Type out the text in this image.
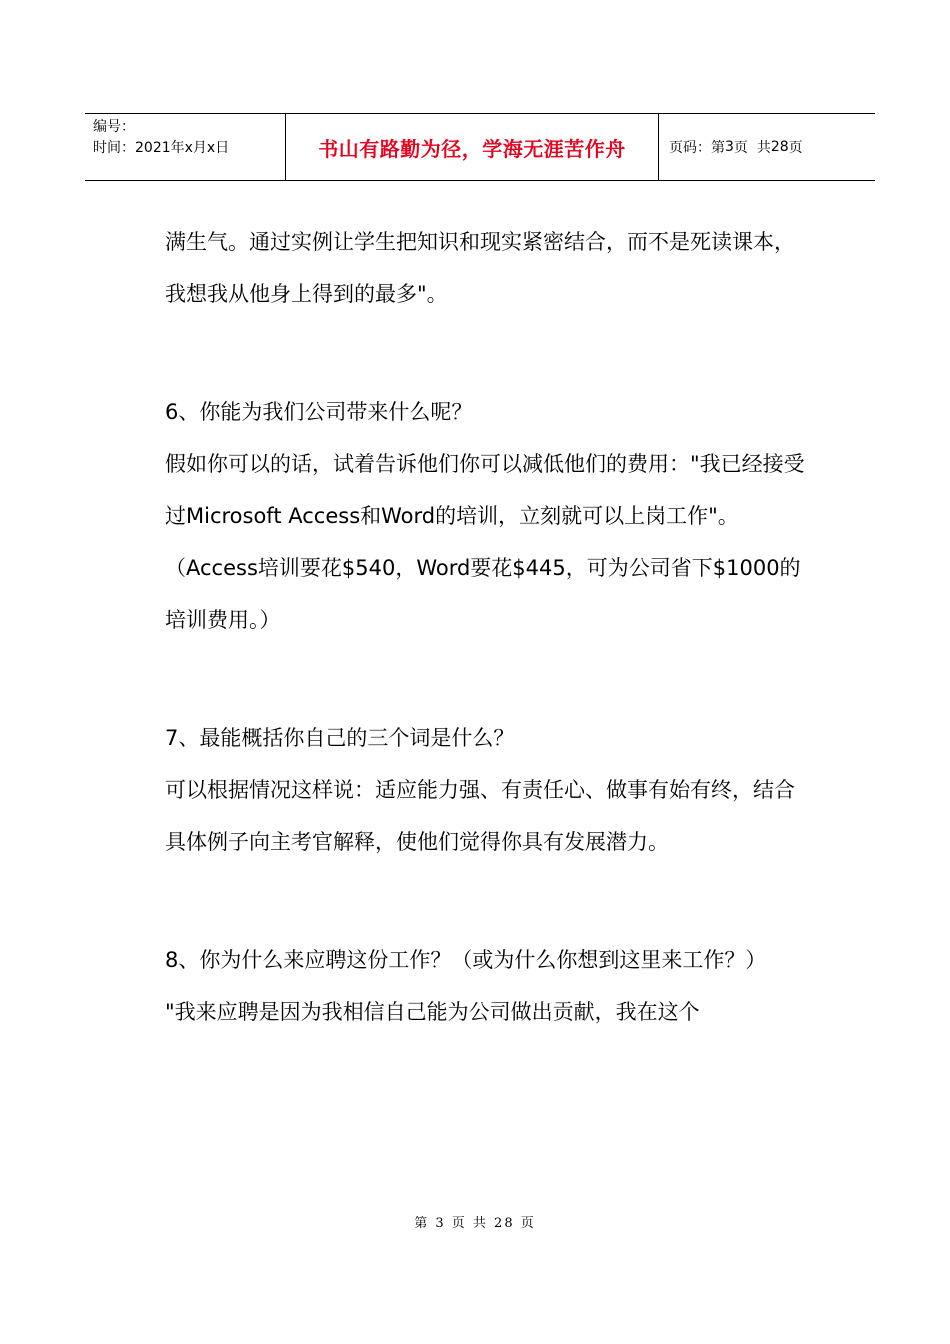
编号：
时间：2021年x月x日	书山有路勤为径，学海无涯苦作舟	页码：第 3 页  共 28 页

满生气。通过实例让学生把知识和现实紧密结合，而不是死读课本，我想我从他身上得到的最多"。

6、你能为我们公司带来什么呢？

假如你可以的话，试着告诉他们你可以减低他们的费用："我已经接受过Microsoft Access和Word的培训，立刻就可以上岗工作"。（Access培训要花$540，Word要花$445，可为公司省下$1000的培训费用。）

7、最能概括你自己的三个词是什么？

可以根据情况这样说：适应能力强、有责任心、做事有始有终，结合具体例子向主考官解释，使他们觉得你具有发展潜力。

8、你为什么来应聘这份工作？（或为什么你想到这里来工作？）

"我来应聘是因为我相信自己能为公司做出贡献，我在这个

第 3 页 共 28 页
